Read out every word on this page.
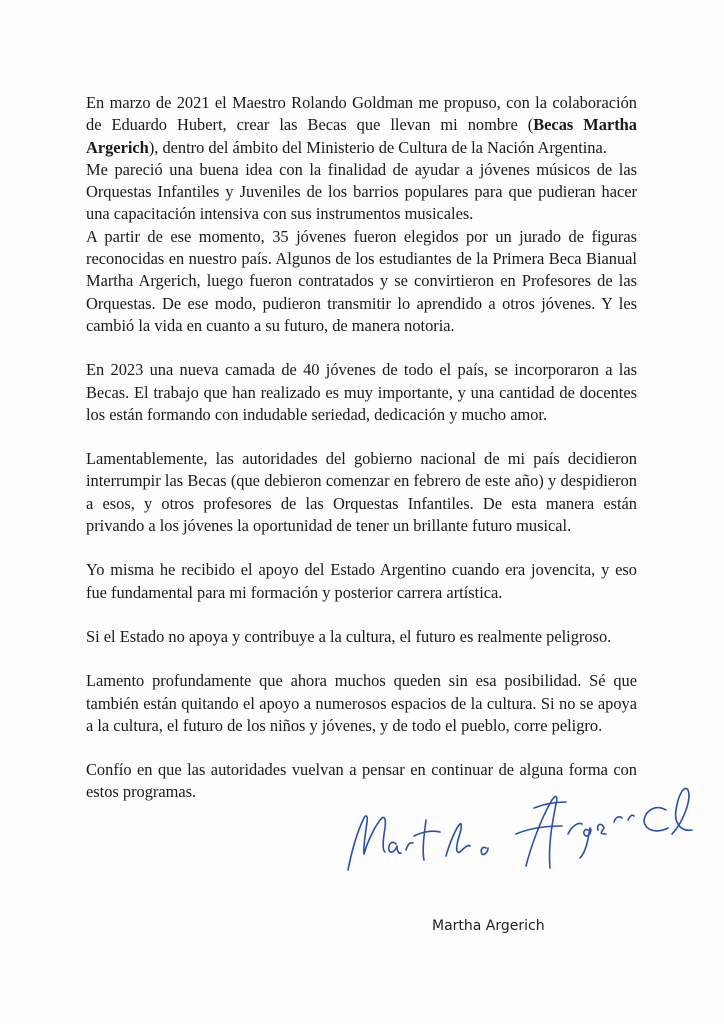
En marzo de 2021 el Maestro Rolando Goldman me propuso, con la colaboración de Eduardo Hubert, crear las Becas que llevan mi nombre (Becas Martha Argerich), dentro del ámbito del Ministerio de Cultura de la Nación Argentina.

Me pareció una buena idea con la finalidad de ayudar a jóvenes músicos de las Orquestas Infantiles y Juveniles de los barrios populares para que pudieran hacer una capacitación intensiva con sus instrumentos musicales.

A partir de ese momento, 35 jóvenes fueron elegidos por un jurado de figuras reconocidas en nuestro país. Algunos de los estudiantes de la Primera Beca Bianual Martha Argerich, luego fueron contratados y se convirtieron en Profesores de las Orquestas. De ese modo, pudieron transmitir lo aprendido a otros jóvenes. Y les cambió la vida en cuanto a su futuro, de manera notoria.

En 2023 una nueva camada de 40 jóvenes de todo el país, se incorporaron a las Becas. El trabajo que han realizado es muy importante, y una cantidad de docentes los están formando con indudable seriedad, dedicación y mucho amor.

Lamentablemente, las autoridades del gobierno nacional de mi país decidieron interrumpir las Becas (que debieron comenzar en febrero de este año) y despidieron a esos, y otros profesores de las Orquestas Infantiles. De esta manera están privando a los jóvenes la oportunidad de tener un brillante futuro musical.

Yo misma he recibido el apoyo del Estado Argentino cuando era jovencita, y eso fue fundamental para mi formación y posterior carrera artística.

Si el Estado no apoya y contribuye a la cultura, el futuro es realmente peligroso.

Lamento profundamente que ahora muchos queden sin esa posibilidad. Sé que también están quitando el apoyo a numerosos espacios de la cultura. Si no se apoya a la cultura, el futuro de los niños y jóvenes, y de todo el pueblo, corre peligro.

Confío en que las autoridades vuelvan a pensar en continuar de alguna forma con estos programas.

Martha Argerich
